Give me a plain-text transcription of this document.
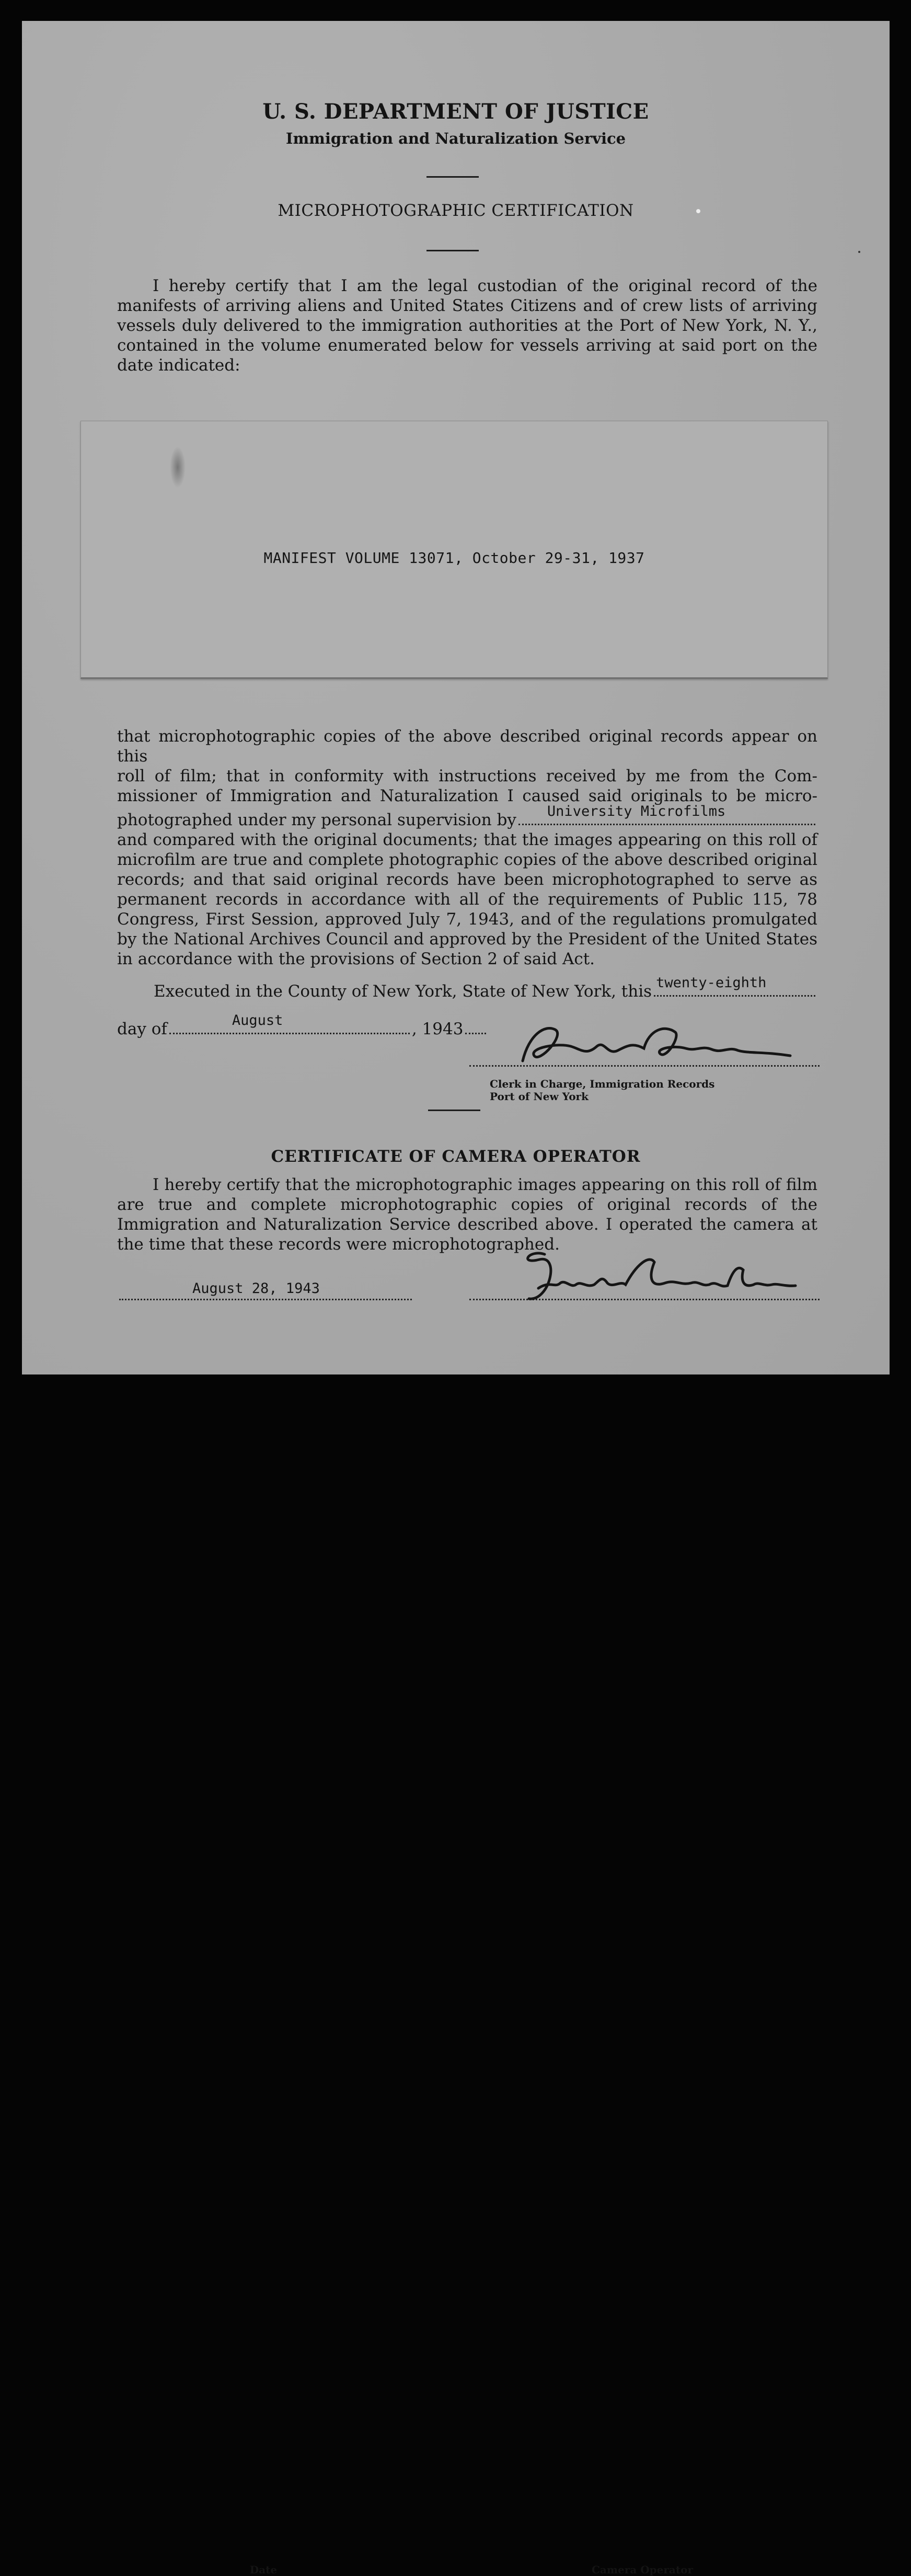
U. S. DEPARTMENT OF JUSTICE
Immigration and Naturalization Service
MICROPHOTOGRAPHIC CERTIFICATION
I hereby certify that I am the legal custodian of the original record of the manifests of arriving aliens and United States Citizens and of crew lists of arriving vessels duly delivered to the immigration authorities at the Port of New York, N. Y., contained in the volume enumerated below for vessels arriving at said port on the date indicated:
MANIFEST VOLUME 13071, October 29-31, 1937
that microphotographic copies of the above described original records appear on this
roll of film; that in conformity with instructions received by me from the Com-
missioner of Immigration and Naturalization I caused said originals to be micro-
photographed under my personal supervision by University Microfilms
and compared with the original documents; that the images appearing on this roll of microfilm are true and complete photographic copies of the above described original records; and that said original records have been microphotographed to serve as permanent records in accordance with all of the requirements of Public 115, 78 Congress, First Session, approved July 7, 1943, and of the regulations promulgated by the National Archives Council and approved by the President of the United States in accordance with the provisions of Section 2 of said Act.
Executed in the County of New York, State of New York, this twenty-eighth
day of	August	, 1943
Clerk in Charge, Immigration Records
Port of New York
CERTIFICATE OF CAMERA OPERATOR
I hereby certify that the microphotographic images appearing on this roll of film are true and complete microphotographic copies of original records of the Immigration and Naturalization Service described above. I operated the camera at the time that these records were microphotographed.
August 28, 1943
Date	Camera Operator
